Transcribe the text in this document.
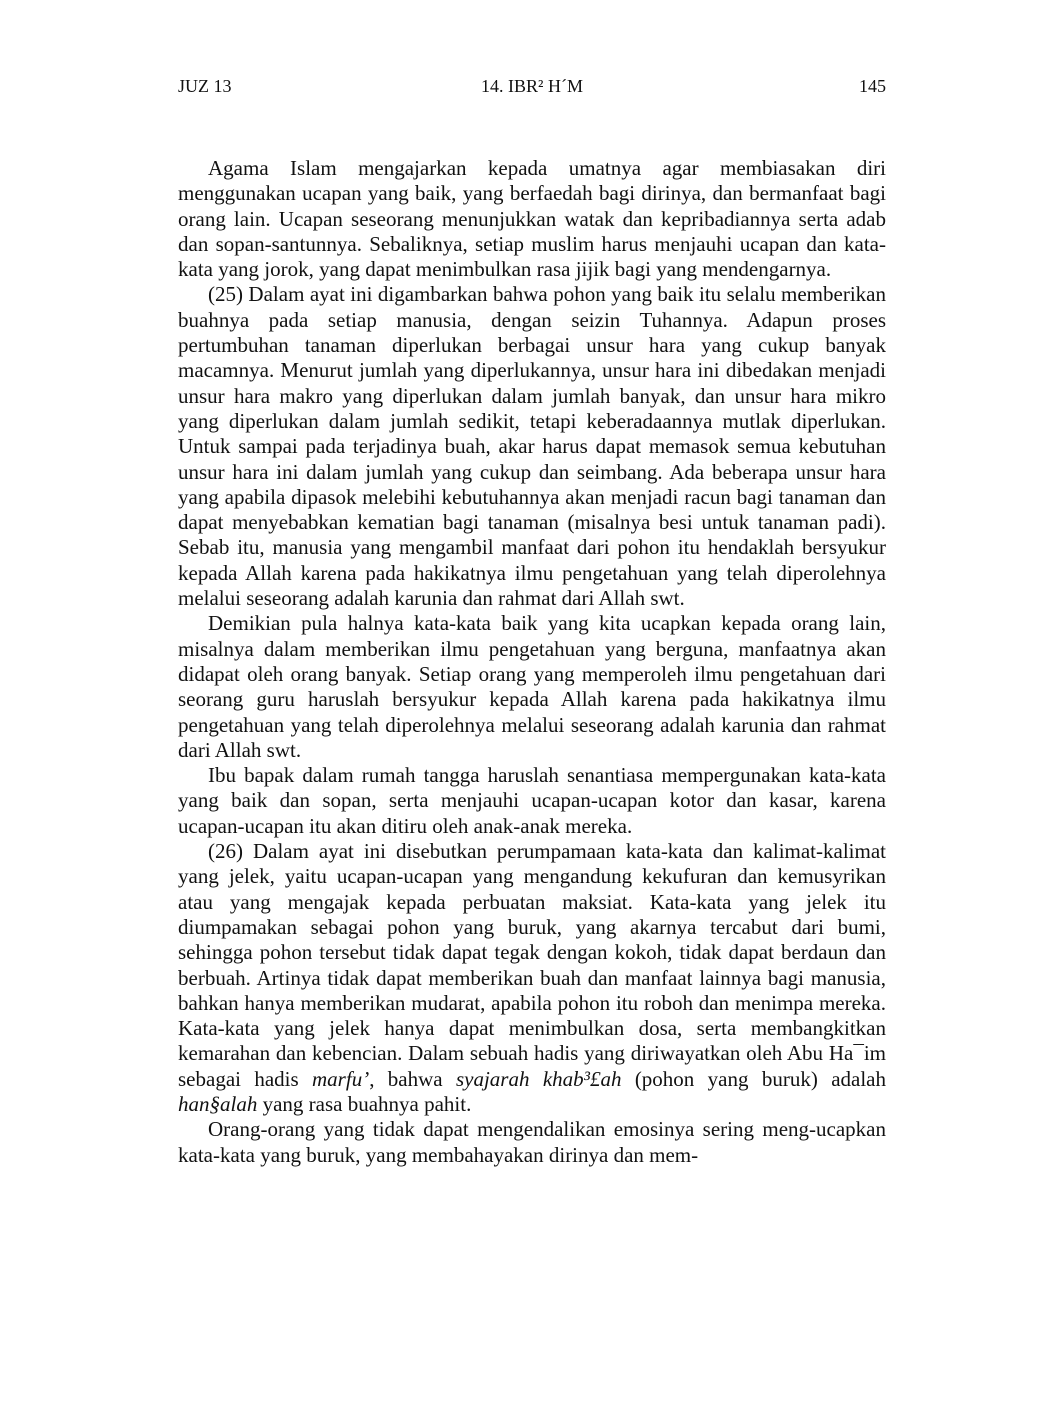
JUZ 13	14. IBR² H´M	145

Agama Islam mengajarkan kepada umatnya agar membiasakan diri menggunakan ucapan yang baik, yang berfaedah bagi dirinya, dan bermanfaat bagi orang lain. Ucapan seseorang menunjukkan watak dan kepribadiannya serta adab dan sopan-santunnya. Sebaliknya, setiap muslim harus menjauhi ucapan dan kata-kata yang jorok, yang dapat menimbulkan rasa jijik bagi yang mendengarnya.

(25) Dalam ayat ini digambarkan bahwa pohon yang baik itu selalu memberikan buahnya pada setiap manusia, dengan seizin Tuhannya. Adapun proses pertumbuhan tanaman diperlukan berbagai unsur hara yang cukup banyak macamnya. Menurut jumlah yang diperlukannya, unsur hara ini dibedakan menjadi unsur hara makro yang diperlukan dalam jumlah banyak, dan unsur hara mikro yang diperlukan dalam jumlah sedikit, tetapi keberadaannya mutlak diperlukan. Untuk sampai pada terjadinya buah, akar harus dapat memasok semua kebutuhan unsur hara ini dalam jumlah yang cukup dan seimbang. Ada beberapa unsur hara yang apabila dipasok melebihi kebutuhannya akan menjadi racun bagi tanaman dan dapat menyebabkan kematian bagi tanaman (misalnya besi untuk tanaman padi). Sebab itu, manusia yang mengambil manfaat dari pohon itu hendaklah bersyukur kepada Allah karena pada hakikatnya ilmu pengetahuan yang telah diperolehnya melalui seseorang adalah karunia dan rahmat dari Allah swt.

Demikian pula halnya kata-kata baik yang kita ucapkan kepada orang lain, misalnya dalam memberikan ilmu pengetahuan yang berguna, manfaatnya akan didapat oleh orang banyak. Setiap orang yang memperoleh ilmu pengetahuan dari seorang guru haruslah bersyukur kepada Allah karena pada hakikatnya ilmu pengetahuan yang telah diperolehnya melalui seseorang adalah karunia dan rahmat dari Allah swt.

Ibu bapak dalam rumah tangga haruslah senantiasa mempergunakan kata-kata yang baik dan sopan, serta menjauhi ucapan-ucapan kotor dan kasar, karena ucapan-ucapan itu akan ditiru oleh anak-anak mereka.

(26) Dalam ayat ini disebutkan perumpamaan kata-kata dan kalimat-kalimat yang jelek, yaitu ucapan-ucapan yang mengandung kekufuran dan kemusyrikan atau yang mengajak kepada perbuatan maksiat. Kata-kata yang jelek itu diumpamakan sebagai pohon yang buruk, yang akarnya tercabut dari bumi, sehingga pohon tersebut tidak dapat tegak dengan kokoh, tidak dapat berdaun dan berbuah. Artinya tidak dapat memberikan buah dan manfaat lainnya bagi manusia, bahkan hanya memberikan mudarat, apabila pohon itu roboh dan menimpa mereka. Kata-kata yang jelek hanya dapat menimbulkan dosa, serta membangkitkan kemarahan dan kebencian. Dalam sebuah hadis yang diriwayatkan oleh Abu Ha¯im sebagai hadis marfu’, bahwa syajarah khab³£ah (pohon yang buruk) adalah han§alah yang rasa buahnya pahit.

Orang-orang yang tidak dapat mengendalikan emosinya sering meng-ucapkan kata-kata yang buruk, yang membahayakan dirinya dan mem-
